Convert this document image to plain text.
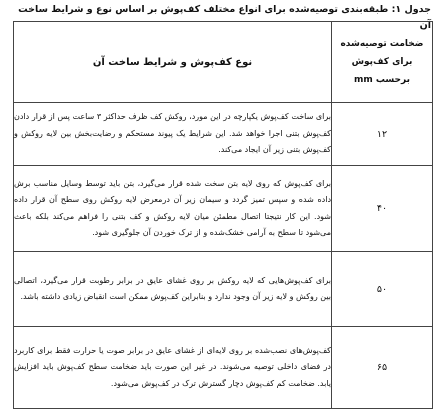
جدول ۱: طبقه‌بندی توصیه‌شده برای انواع مختلف کف‌پوش بر اساس نوع و شرایط ساخت آن
ضخامت توصیه‌شده
برای کف‌پوش
برحسب mm	نوع کف‌پوش و شرایط ساخت آن
۱۲	برای ساخت کف‌پوش یکپارچه در این مورد، روکش کف ظرف حداکثر ۳ ساعت پس از قرار دادن کف‌پوش بتنی اجرا خواهد شد. این شرایط یک پیوند مستحکم و رضایت‌بخش بین لایه روکش و کف‌پوش بتنی زیر آن ایجاد می‌کند.
۴۰	برای کف‌پوش که روی لایه بتن سخت شده قرار می‌گیرد، بتن باید توسط وسایل مناسب برش داده شده و سپس تمیز گردد و سیمان زیر آن درمعرض لایه روکش روی سطح آن قرار داده شود. این کار نتیجتا اتصال مطمئن میان لایه روکش و کف بتنی را فراهم می‌کند بلکه باعث می‌شود تا سطح به آرامی خشک‌شده و از ترک خوردن آن جلوگیری شود.
۵۰	برای کف‌پوش‌هایی که لایه روکش بر روی غشای عایق در برابر رطوبت قرار می‌گیرد، اتصالی بین روکش و لایه زیر آن وجود ندارد و بنابراین کف‌پوش ممکن است انقباض زیادی داشته باشد.
۶۵	کف‌پوش‌های نصب‌شده بر روی لایه‌ای از غشای عایق در برابر صوت یا حرارت فقط برای کاربرد در فضای داخلی توصیه می‌شوند. در غیر این صورت باید ضخامت سطح کف‌پوش باید افزایش یابد. ضخامت کم کف‌پوش دچار گسترش ترک در کف‌پوش می‌شود.
